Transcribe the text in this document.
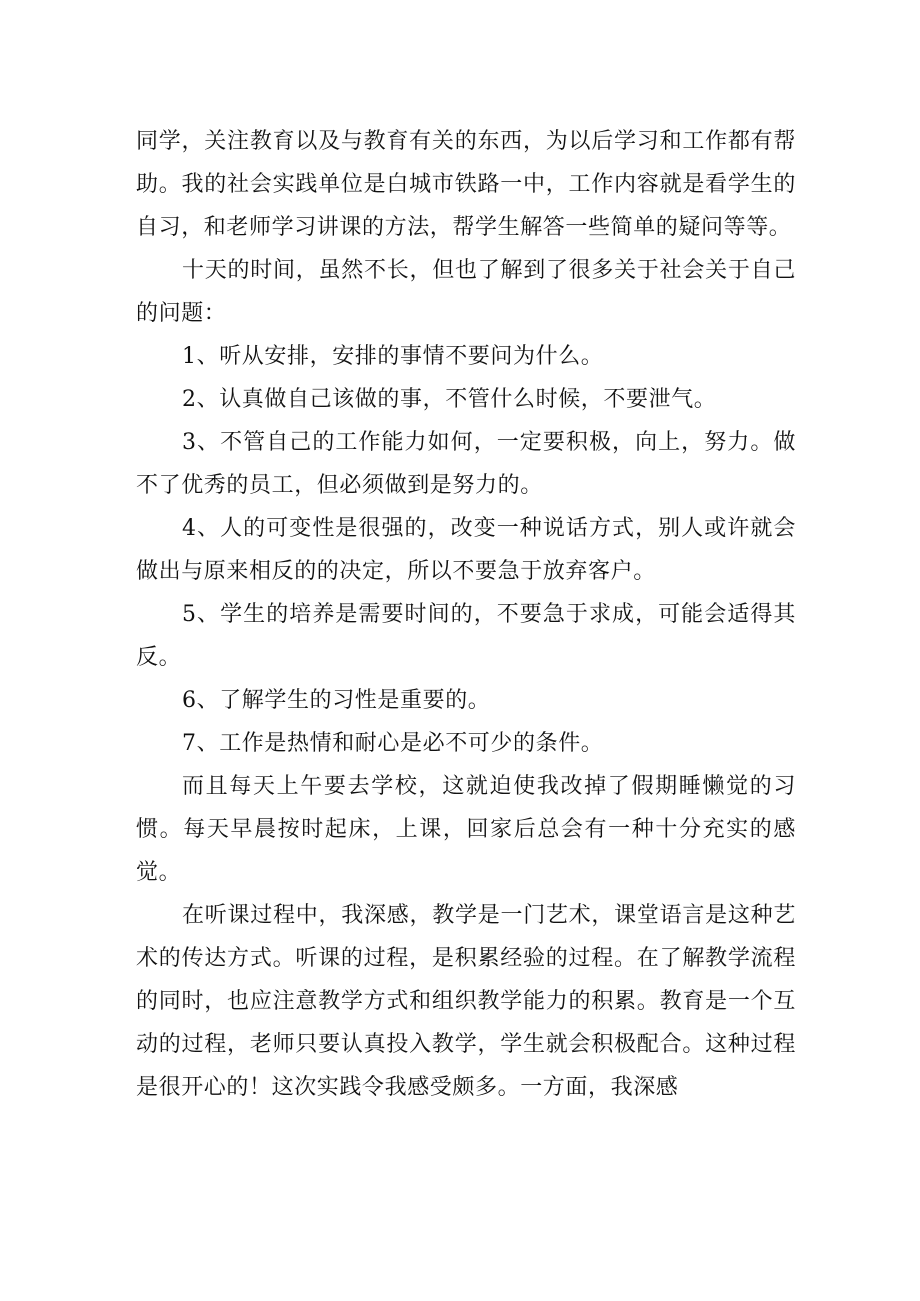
同学，关注教育以及与教育有关的东西，为以后学习和工作都有帮助。我的社会实践单位是白城市铁路一中，工作内容就是看学生的自习，和老师学习讲课的方法，帮学生解答一些简单的疑问等等。

十天的时间，虽然不长，但也了解到了很多关于社会关于自己的问题：

1、听从安排，安排的事情不要问为什么。

2、认真做自己该做的事，不管什么时候，不要泄气。

3、不管自己的工作能力如何，一定要积极，向上，努力。做不了优秀的员工，但必须做到是努力的。

4、人的可变性是很强的，改变一种说话方式，别人或许就会做出与原来相反的的决定，所以不要急于放弃客户。

5、学生的培养是需要时间的，不要急于求成，可能会适得其反。

6、了解学生的习性是重要的。

7、工作是热情和耐心是必不可少的条件。

而且每天上午要去学校，这就迫使我改掉了假期睡懒觉的习惯。每天早晨按时起床，上课，回家后总会有一种十分充实的感觉。

在听课过程中，我深感，教学是一门艺术，课堂语言是这种艺术的传达方式。听课的过程，是积累经验的过程。在了解教学流程的同时，也应注意教学方式和组织教学能力的积累。教育是一个互动的过程，老师只要认真投入教学，学生就会积极配合。这种过程是很开心的！这次实践令我感受颇多。一方面，我深感
